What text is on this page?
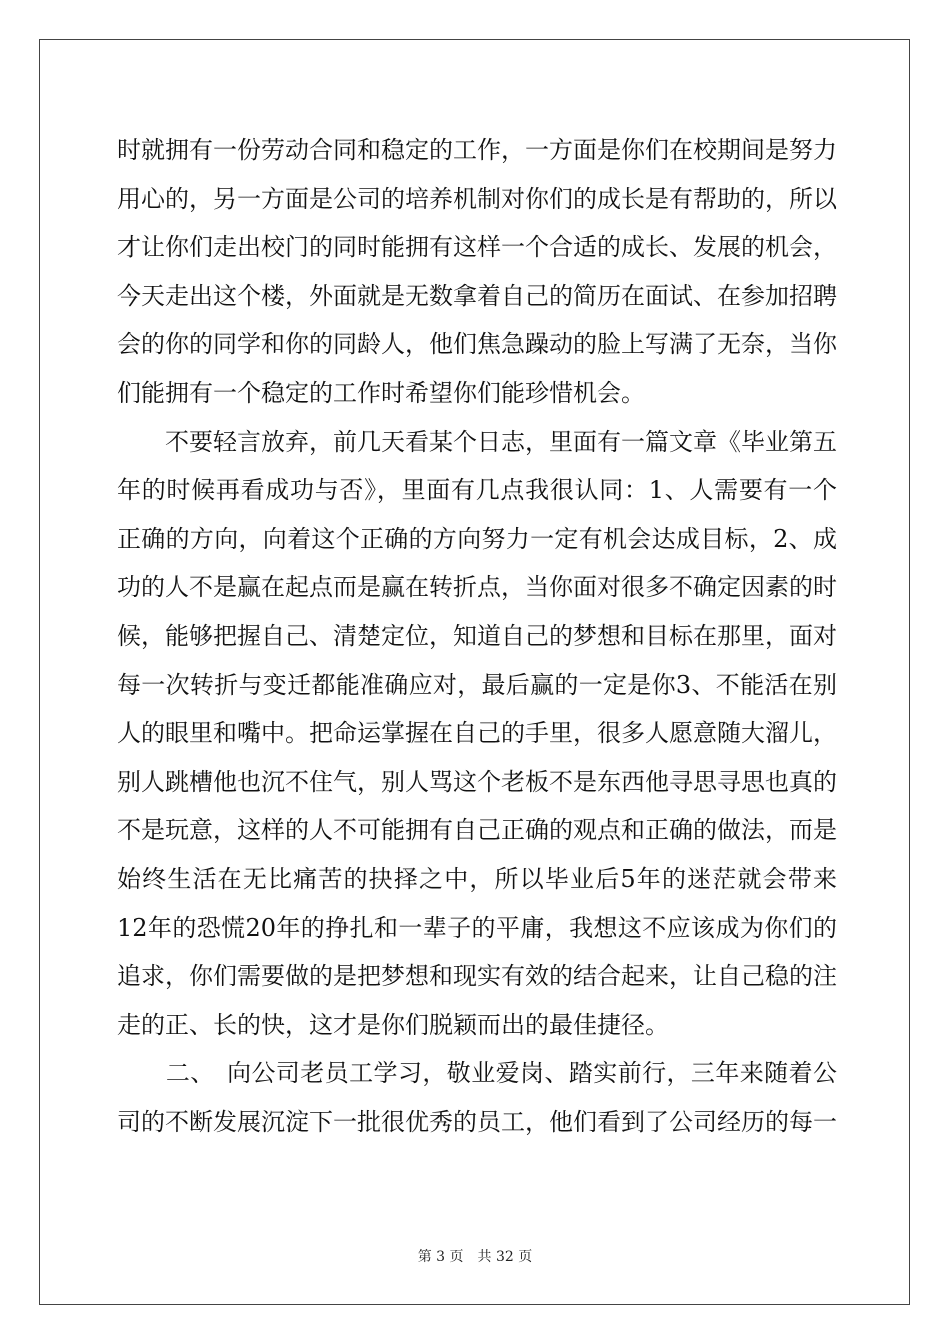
时就拥有一份劳动合同和稳定的工作，一方面是你们在校期间是努力
用心的，另一方面是公司的培养机制对你们的成长是有帮助的，所以
才让你们走出校门的同时能拥有这样一个合适的成长、发展的机会，
今天走出这个楼，外面就是无数拿着自己的简历在面试、在参加招聘
会的你的同学和你的同龄人，他们焦急躁动的脸上写满了无奈，当你
们能拥有一个稳定的工作时希望你们能珍惜机会。
　　不要轻言放弃，前几天看某个日志，里面有一篇文章《毕业第五
年的时候再看成功与否》，里面有几点我很认同：1、人需要有一个
正确的方向，向着这个正确的方向努力一定有机会达成目标，2、成
功的人不是赢在起点而是赢在转折点，当你面对很多不确定因素的时
候，能够把握自己、清楚定位，知道自己的梦想和目标在那里，面对
每一次转折与变迁都能准确应对，最后赢的一定是你3、不能活在别
人的眼里和嘴中。把命运掌握在自己的手里，很多人愿意随大溜儿，
别人跳槽他也沉不住气，别人骂这个老板不是东西他寻思寻思也真的
不是玩意，这样的人不可能拥有自己正确的观点和正确的做法，而是
始终生活在无比痛苦的抉择之中，所以毕业后5年的迷茫就会带来
12年的恐慌20年的挣扎和一辈子的平庸，我想这不应该成为你们的
追求，你们需要做的是把梦想和现实有效的结合起来，让自己稳的注
走的正、长的快，这才是你们脱颖而出的最佳捷径。
　　二、　向公司老员工学习，敬业爱岗、踏实前行，三年来随着公
司的不断发展沉淀下一批很优秀的员工，他们看到了公司经历的每一
第 3 页　共 32 页
